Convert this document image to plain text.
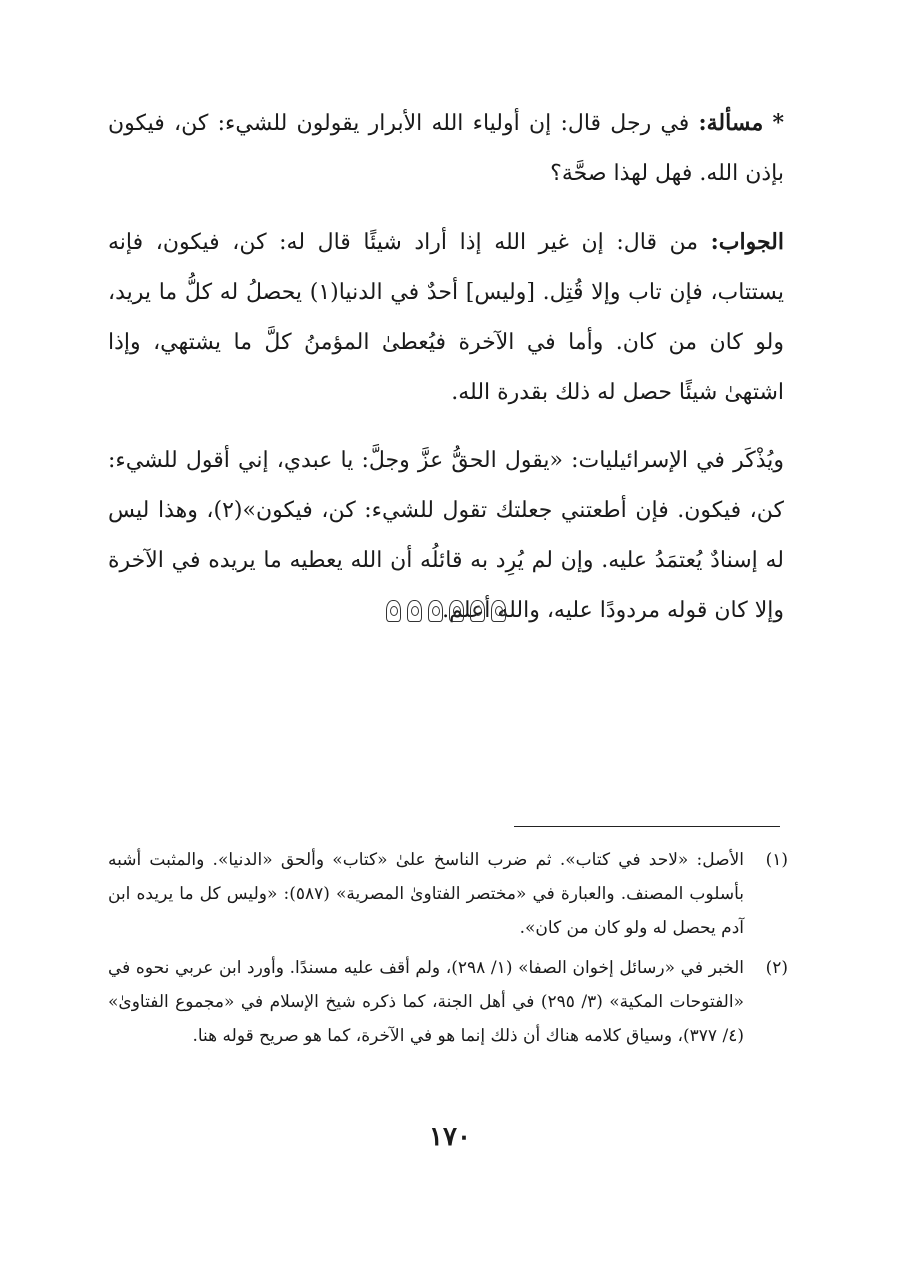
* مسألة: في رجل قال: إن أولياء الله الأبرار يقولون للشيء: كن، فيكون بإذن الله. فهل لهذا صحَّة؟

الجواب: من قال: إن غير الله إذا أراد شيئًا قال له: كن، فيكون، فإنه يستتاب، فإن تاب وإلا قُتِل. [وليس] أحدٌ في الدنيا(١) يحصلُ له كلُّ ما يريد، ولو كان من كان. وأما في الآخرة فيُعطىٰ المؤمنُ كلَّ ما يشتهي، وإذا اشتهىٰ شيئًا حصل له ذلك بقدرة الله.

ويُذْكَر في الإسرائيليات: «يقول الحقُّ عزَّ وجلَّ: يا عبدي، إني أقول للشيء: كن، فيكون. فإن أطعتني جعلتك تقول للشيء: كن، فيكون»(٢)، وهذا ليس له إسنادٌ يُعتمَدُ عليه. وإن لم يُرِد به قائلُه أن الله يعطيه ما يريده في الآخرة وإلا كان قوله مردودًا عليه، والله أعلم.

(١)
الأصل: «لاحد في كتاب». ثم ضرب الناسخ علىٰ «كتاب» وألحق «الدنيا». والمثبت أشبه بأسلوب المصنف. والعبارة في «مختصر الفتاوىٰ المصرية» (٥٨٧): «وليس كل ما يريده ابن آدم يحصل له ولو كان من كان».
(٢)
الخبر في «رسائل إخوان الصفا» (١/ ٢٩٨)، ولم أقف عليه مسندًا. وأورد ابن عربي نحوه في «الفتوحات المكية» (٣/ ٢٩٥) في أهل الجنة، كما ذكره شيخ الإسلام في «مجموع الفتاوىٰ» (٤/ ٣٧٧)، وسياق كلامه هناك أن ذلك إنما هو في الآخرة، كما هو صريح قوله هنا.
١٧٠
